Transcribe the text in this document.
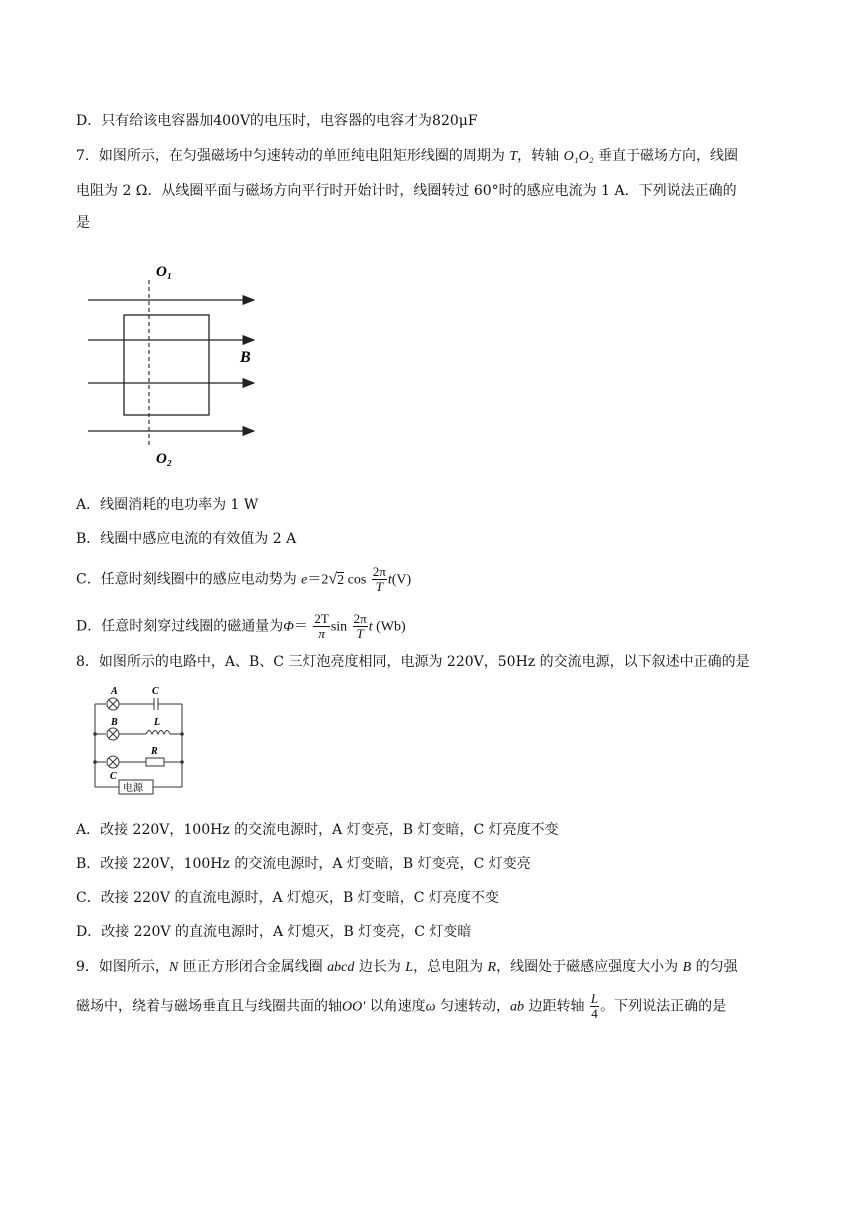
D．只有给该电容器加400V的电压时，电容器的电容才为820μF
7．如图所示，在匀强磁场中匀速转动的单匝纯电阻矩形线圈的周期为 T，转轴 O₁O₂ 垂直于磁场方向，线圈
电阻为 2 Ω．从线圈平面与磁场方向平行时开始计时，线圈转过 60°时的感应电流为 1 A．下列说法正确的
是
O₁
O₂
B
A．线圈消耗的电功率为 1 W
B．线圈中感应电流的有效值为 2 A
C．任意时刻线圈中的感应电动势为 e＝2√2 $\cos \frac{2\pi}{T} t(V)$
D．任意时刻穿过线圈的磁通量为$\Phi= \frac{2T}{\pi}$ $\sin \frac{2\pi}{T}$ t (Wb)
8．如图所示的电路中，A、B、C 三灯泡亮度相同，电源为 220V，50Hz 的交流电源，以下叙述中正确的是
A	C
B	L
R
C
电源
A．改接 220V，100Hz 的交流电源时，A 灯变亮，B 灯变暗，C 灯亮度不变
B．改接 220V，100Hz 的交流电源时，A 灯变暗，B 灯变亮，C 灯变亮
C．改接 220V 的直流电源时，A 灯熄灭，B 灯变暗，C 灯亮度不变
D．改接 220V 的直流电源时，A 灯熄灭，B 灯变亮，C 灯变暗
9．如图所示，N 匝正方形闭合金属线圈 abcd 边长为 L，总电阻为 R，线圈处于磁感应强度大小为 B 的匀强
磁场中，绕着与磁场垂直且与线圈共面的轴OO' 以角速度ω 匀速转动，ab 边距转轴 $\frac{L}{4}$ 。下列说法正确的是
